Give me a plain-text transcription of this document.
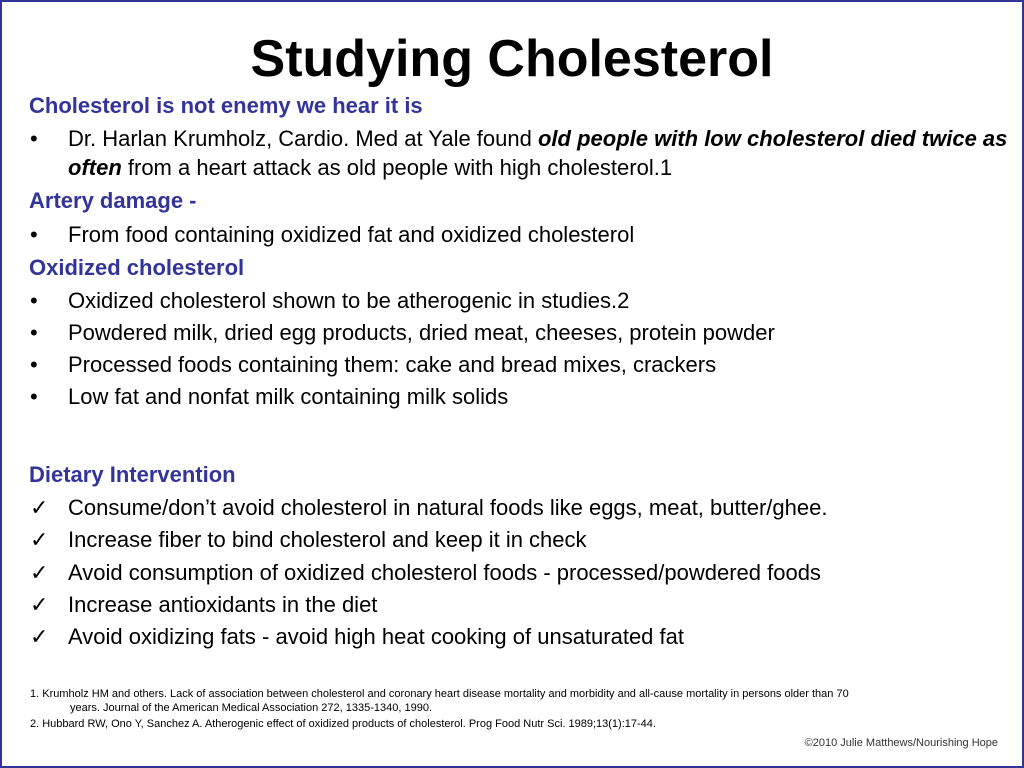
Studying Cholesterol
Cholesterol is not enemy we hear it is
•	Dr. Harlan Krumholz, Cardio. Med at Yale found old people with low cholesterol died twice as often from a heart attack as old people with high cholesterol.1
Artery damage -
•	From food containing oxidized fat and oxidized cholesterol
Oxidized cholesterol
•	Oxidized cholesterol shown to be atherogenic in studies.2
•	Powdered milk, dried egg products, dried meat, cheeses, protein powder
•	Processed foods containing them: cake and bread mixes, crackers
•	Low fat and nonfat milk containing milk solids
Dietary Intervention
✓ Consume/don’t avoid cholesterol in natural foods like eggs, meat, butter/ghee.
✓ Increase fiber to bind cholesterol and keep it in check
✓ Avoid consumption of oxidized cholesterol foods - processed/powdered foods
✓ Increase antioxidants in the diet
✓ Avoid oxidizing fats - avoid high heat cooking of unsaturated fat
1. Krumholz HM and others. Lack of association between cholesterol and coronary heart disease mortality and morbidity and all-cause mortality in persons older than 70
years. Journal of the American Medical Association 272, 1335-1340, 1990.
2. Hubbard RW, Ono Y, Sanchez A. Atherogenic effect of oxidized products of cholesterol. Prog Food Nutr Sci. 1989;13(1):17-44.
©2010 Julie Matthews/Nourishing Hope
